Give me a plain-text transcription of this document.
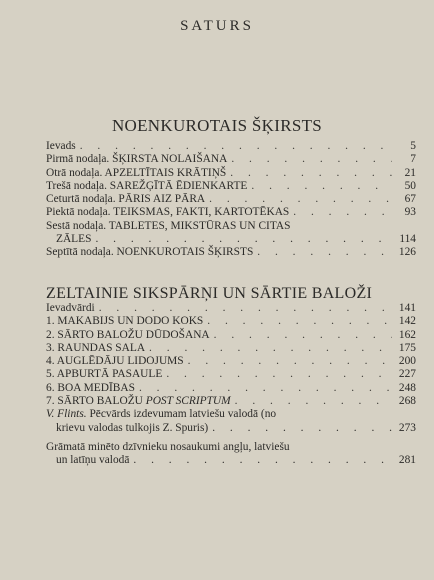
SATURS
NOENKUROTAIS ŠĶIRSTS
Ievads . . .	5
Pirmā nodaļa. ŠĶIRSTA NOLAIŠANA . . .	7
Otrā nodaļa. APZELTĪTAIS KRĀTIŅŠ . . .	21
Trešā nodaļa. SAREŽĢĪTĀ ĒDIENKARTE . . .	50
Ceturtā nodaļa. PĀRIS AIZ PĀRA . . .	67
Piektā nodaļa. TEIKSMAS, FAKTI, KARTOTĒKAS . . .	93
Sestā nodaļa. TABLETES, MIKSTŪRAS UN CITAS
ZĀLES . . .	114
Septītā nodaļa. NOENKUROTAIS ŠĶIRSTS . . .	126
ZELTAINIE SIKSPĀRŅI UN SĀRTIE BALOŽI
Ievadvārdi . . .	141
1. MAKABIJS UN DODO KOKS . . .	142
2. SĀRTO BALOŽU DŪDOŠANA . . .	162
3. RAUNDAS SALA . . .	175
4. AUGLĒDĀJU LIDOJUMS . . .	200
5. APBURTĀ PASAULE . . .	227
6. BOA MEDĪBAS . . .	248
7. SĀRTO BALOŽU POST SCRIPTUM . . .	268
V. Flints. Pēcvārds izdevumam latviešu valodā (no
krievu valodas tulkojis Z. Spuris) . . .	273
Grāmatā minēto dzīvnieku nosaukumi angļu, latviešu
un latīņu valodā . . .	281
